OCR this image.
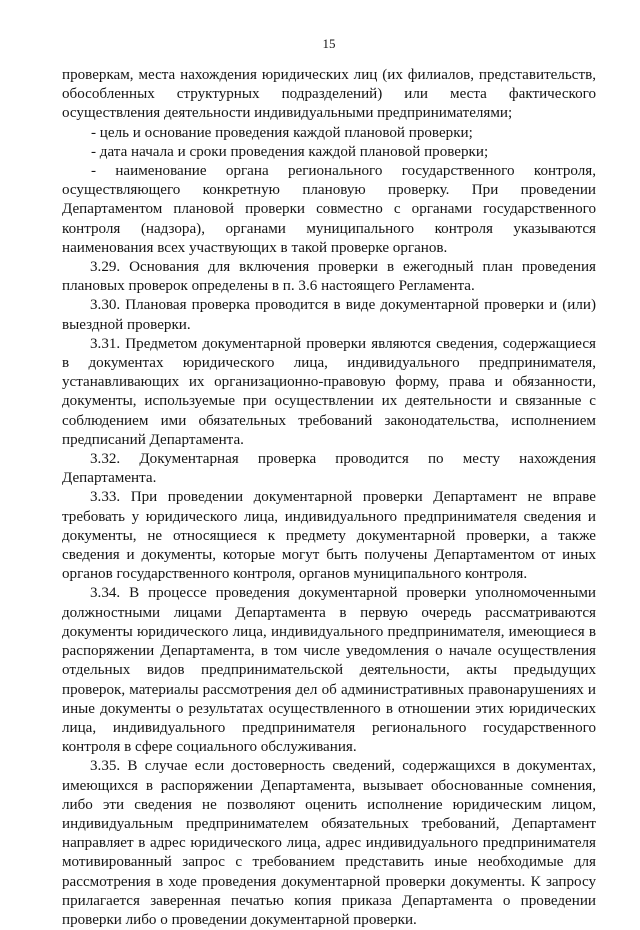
15

проверкам, места нахождения юридических лиц (их филиалов, представительств, обособленных структурных подразделений) или места фактического осуществления деятельности индивидуальными предпринимателями;

- цель и основание проведения каждой плановой проверки;

- дата начала и сроки проведения каждой плановой проверки;

- наименование органа регионального государственного контроля, осуществляющего конкретную плановую проверку. При проведении Департаментом плановой проверки совместно с органами государственного контроля (надзора), органами муниципального контроля указываются наименования всех участвующих в такой проверке органов.

3.29. Основания для включения проверки в ежегодный план проведения плановых проверок определены в п. 3.6 настоящего Регламента.

3.30. Плановая проверка проводится в виде документарной проверки и (или) выездной проверки.

3.31. Предметом документарной проверки являются сведения, содержащиеся в документах юридического лица, индивидуального предпринимателя, устанавливающих их организационно-правовую форму, права и обязанности, документы, используемые при осуществлении их деятельности и связанные с соблюдением ими обязательных требований законодательства, исполнением предписаний Департамента.

3.32. Документарная проверка проводится по месту нахождения Департамента.

3.33. При проведении документарной проверки Департамент не вправе требовать у юридического лица, индивидуального предпринимателя сведения и документы, не относящиеся к предмету документарной проверки, а также сведения и документы, которые могут быть получены Департаментом от иных органов государственного контроля, органов муниципального контроля.

3.34. В процессе проведения документарной проверки уполномоченными должностными лицами Департамента в первую очередь рассматриваются документы юридического лица, индивидуального предпринимателя, имеющиеся в распоряжении Департамента, в том числе уведомления о начале осуществления отдельных видов предпринимательской деятельности, акты предыдущих проверок, материалы рассмотрения дел об административных правонарушениях и иные документы о результатах осуществленного в отношении этих юридических лица, индивидуального предпринимателя регионального государственного контроля в сфере социального обслуживания.

3.35. В случае если достоверность сведений, содержащихся в документах, имеющихся в распоряжении Департамента, вызывает обоснованные сомнения, либо эти сведения не позволяют оценить исполнение юридическим лицом, индивидуальным предпринимателем обязательных требований, Департамент направляет в адрес юридического лица, адрес индивидуального предпринимателя мотивированный запрос с требованием представить иные необходимые для рассмотрения в ходе проведения документарной проверки документы. К запросу прилагается заверенная печатью копия приказа Департамента о проведении проверки либо о проведении документарной проверки.
